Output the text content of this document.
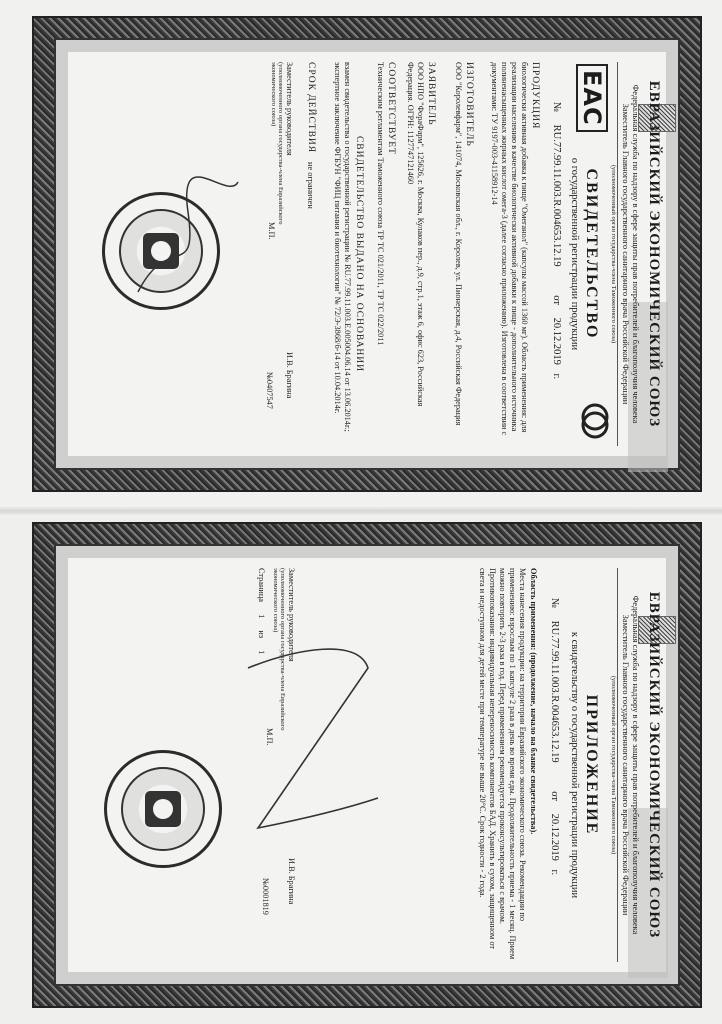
ЕВРАЗИЙСКИЙ ЭКОНОМИЧЕСКИЙ СОЮЗ
Федеральная служба по надзору в сфере защиты прав потребителей и благополучия человека
Заместитель Главного государственного санитарного врача Российской Федерации
(уполномоченный орган государства-члена Таможенного союза)
ЕАС
СВИДЕТЕЛЬСТВО
о государственной регистрации продукции
№ RU.77.99.11.003.R.004653.12.19 от 20.12.2019 г.
ПРОДУКЦИЯ
биологически активная добавка к пище "Омеганол" (капсулы массой 1360 мг). Область применения: для реализации населению в качестве биологически активной добавки к пище - дополнительного источника полиненасыщенных жирных кислот омега-3 (далее согласно приложению). Изготовлена в соответствии с документами: ТУ 9197-003-41158912-14
ИЗГОТОВИТЕЛЬ
ООО "Королевфарм", 141074, Московская обл., г. Королев, ул. Пионерская, д.4, Российская Федерация
ЗАЯВИТЕЛЬ
ООО НПО "ФораФарм", 125626, г. Москва, Кулаков пер., д.9, стр.1, этаж 6, офис 623, Российская Федерация. ОГРН: 1127747121460
СООТВЕТСТВУЕТ
Техническим регламентам Таможенного союза ТР ТС 021/2011, ТР ТС 022/2011
СВИДЕТЕЛЬСТВО ВЫДАНО НА ОСНОВАНИИ
взамен свидетельства о государственной регистрации № RU.77.99.11.003.E.005004.06.14 от 13.06.2014г.; экспертное заключение ФГБУН "ФИЦ питания и биотехнологии" № 72/Э-3868/б-14 от 10.04.2014г.
СРОК ДЕЙСТВИЯ
не ограничен
Заместитель руководителя
(уполномоченного органа государства-члена Евразийского экономического союза)
М.П.
И.В. Брагина
№0407547
ЕВРАЗИЙСКИЙ ЭКОНОМИЧЕСКИЙ СОЮЗ
Федеральная служба по надзору в сфере защиты прав потребителей и благополучия человека
Заместитель Главного государственного санитарного врача Российской Федерации
(уполномоченный орган государства-члена Таможенного союза)
ПРИЛОЖЕНИЕ
к свидетельству о государственной регистрации продукции
№ RU.77.99.11.003.R.004653.12.19 от 20.12.2019 г.
Область применения: (продолжение, начало на бланке свидетельства).
Места нанесения продукции: на территории Евразийского экономического союза. Рекомендации по применению: взрослым по 1 капсуле 2 раза в день во время еды. Продолжительность приема - 1 месяц. Прием можно повторить 2-3 раза в год. Перед применением рекомендуется проконсультироваться с врачом. Противопоказания: индивидуальная непереносимость компонентов БАД. Хранить в сухом, защищенном от света и недоступном для детей месте при температуре не выше 20°С. Срок годности - 2 года.
Заместитель руководителя
(уполномоченного органа государства-члена Евразийского экономического союза)
М.П.
И.В. Брагина
Страница 1 из 1
№0001819
